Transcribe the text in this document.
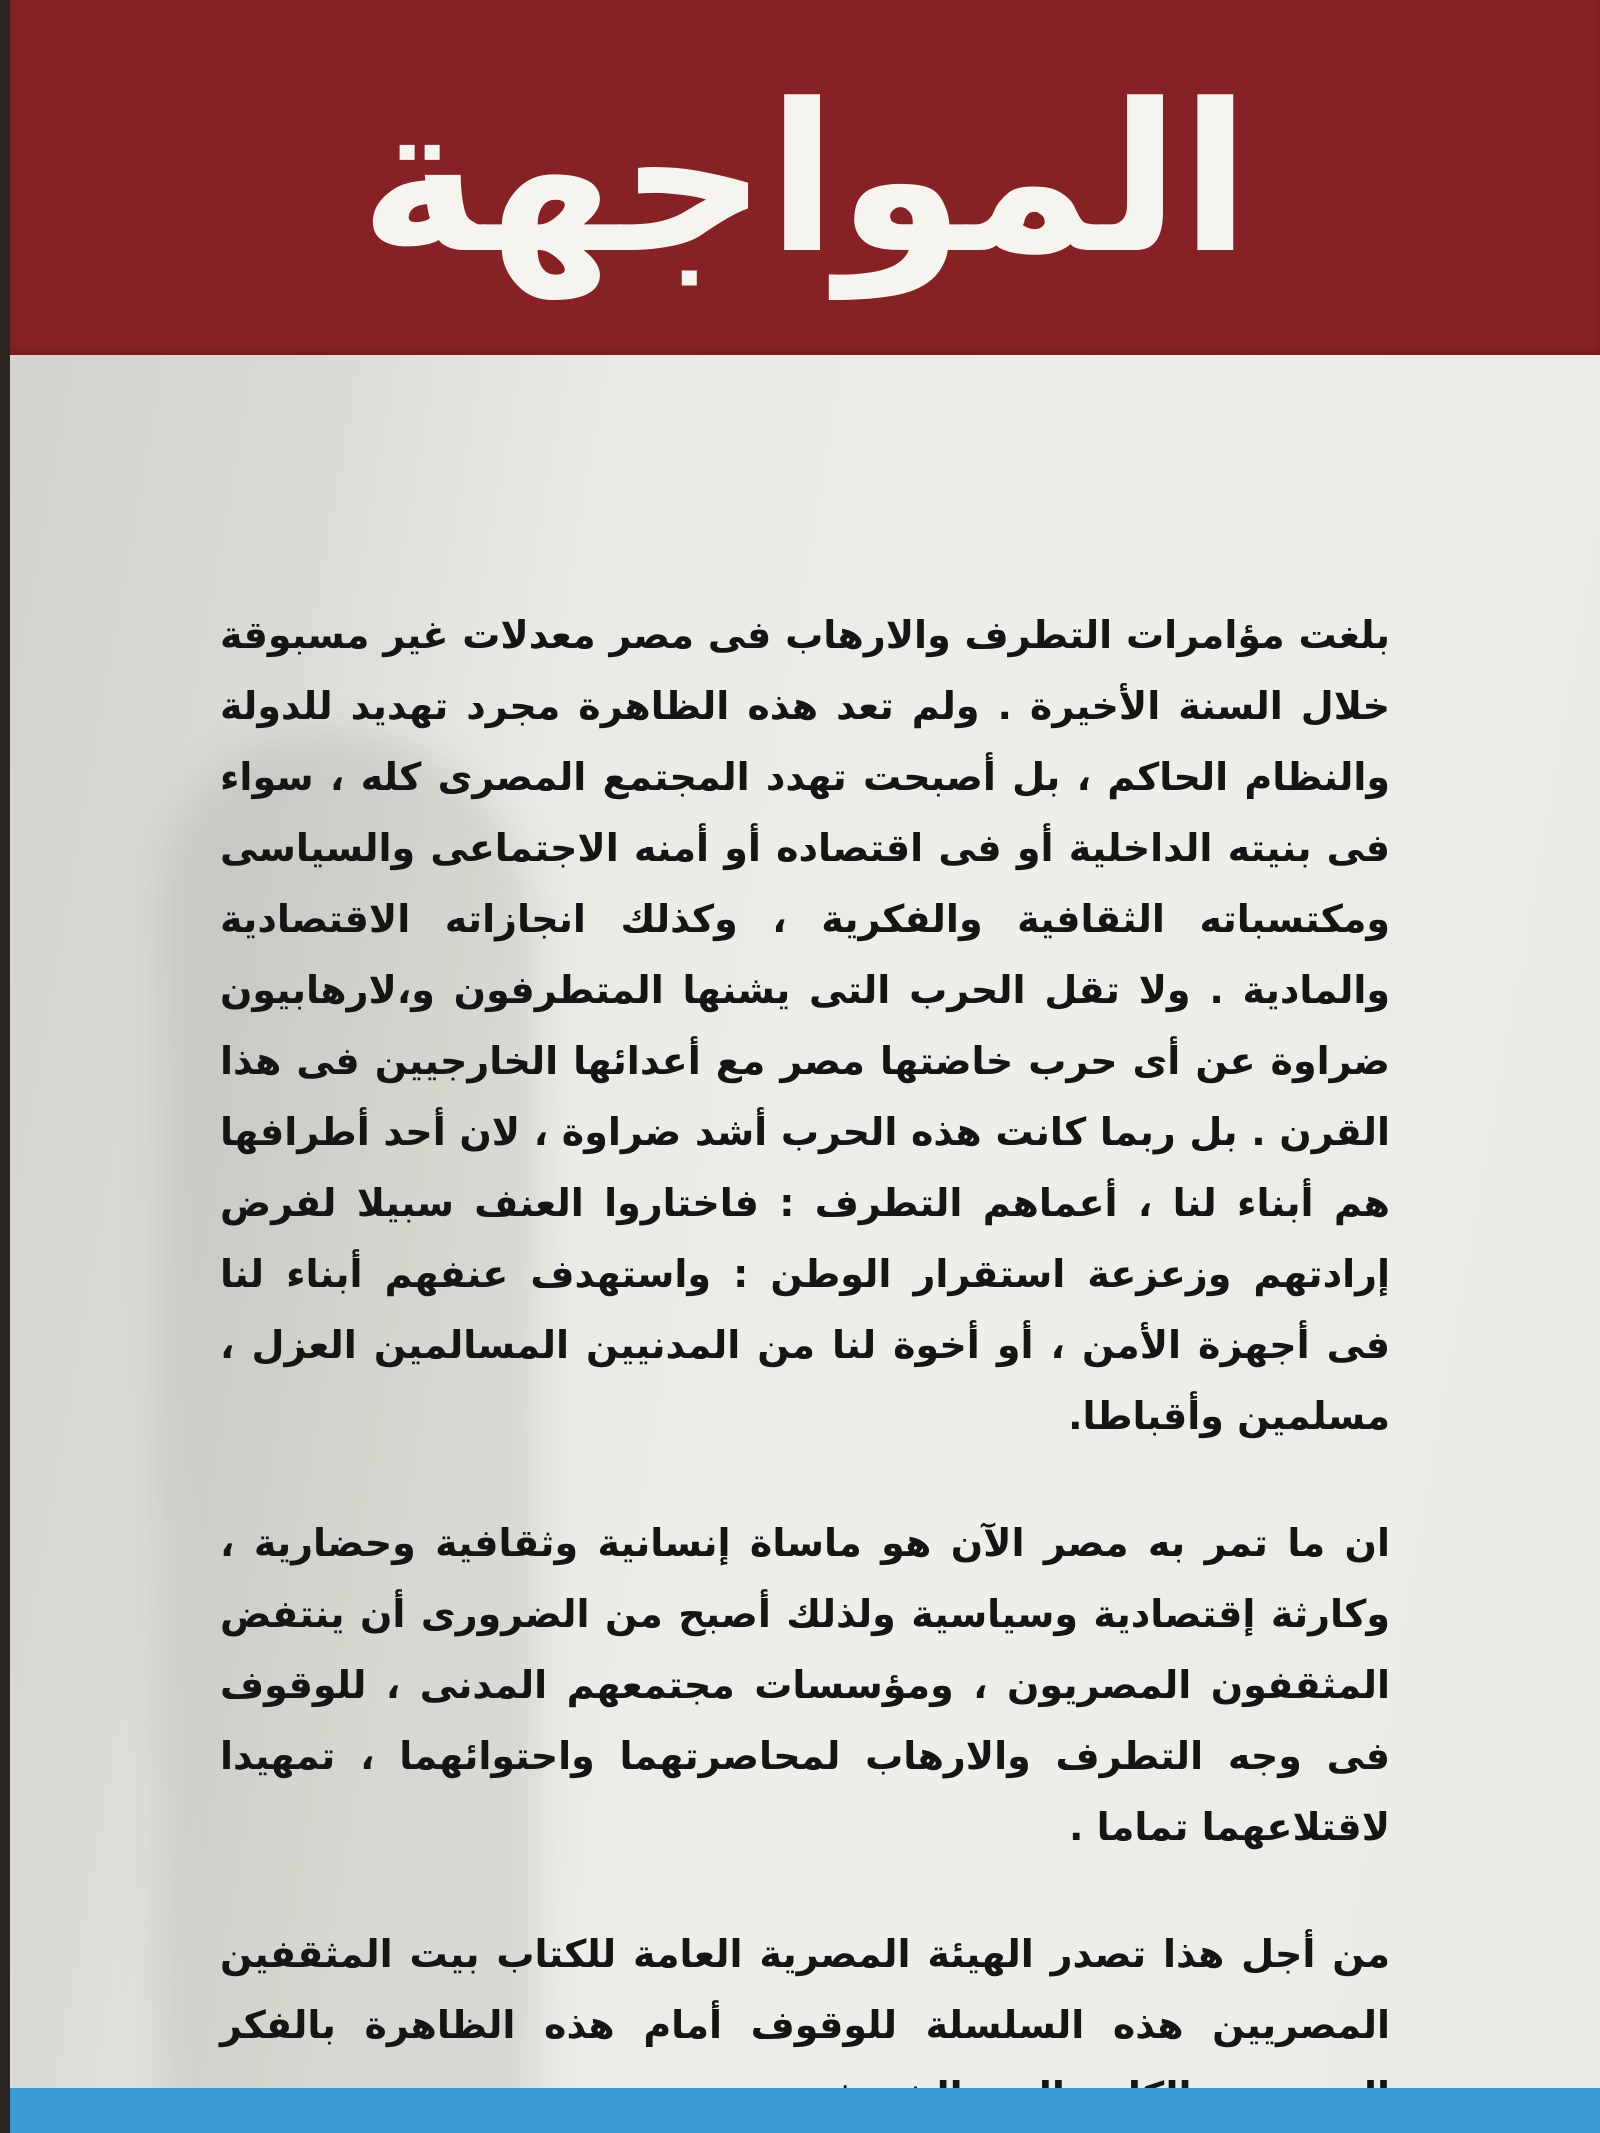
المواجهة

بلغت مؤامرات التطرف والارهاب فى مصر معدلات غير مسبوقة خلال السنة الأخيرة . ولم تعد هذه الظاهرة مجرد تهديد للدولة والنظام الحاكم ، بل أصبحت تهدد المجتمع المصرى كله ، سواء فى بنيته الداخلية أو فى اقتصاده أو أمنه الاجتماعى والسياسى ومكتسباته الثقافية والفكرية ، وكذلك انجازاته الاقتصادية والمادية . ولا تقل الحرب التى يشنها المتطرفون و،لارهابيون ضراوة عن أى حرب خاضتها مصر مع أعدائها الخارجيين فى هذا القرن . بل ربما كانت هذه الحرب أشد ضراوة ، لان أحد أطرافها هم أبناء لنا ، أعماهم التطرف : فاختاروا العنف سبيلا لفرض إرادتهم وزعزعة استقرار الوطن : واستهدف عنفهم أبناء لنا فى أجهزة الأمن ، أو أخوة لنا من المدنيين المسالمين العزل ، مسلمين وأقباطا.

ان ما تمر به مصر الآن هو ماساة إنسانية وثقافية وحضارية ، وكارثة إقتصادية وسياسية ولذلك أصبح من الضرورى أن ينتفض المثقفون المصريون ، ومؤسسات مجتمعهم المدنى ، للوقوف فى وجه التطرف والارهاب لمحاصرتهما واحتوائهما ، تمهيدا لاقتلاعهما تماما .

من أجل هذا تصدر الهيئة المصرية العامة للكتاب بيت المثقفين المصريين هذه السلسلة للوقوف أمام هذه الظاهرة بالفكر
